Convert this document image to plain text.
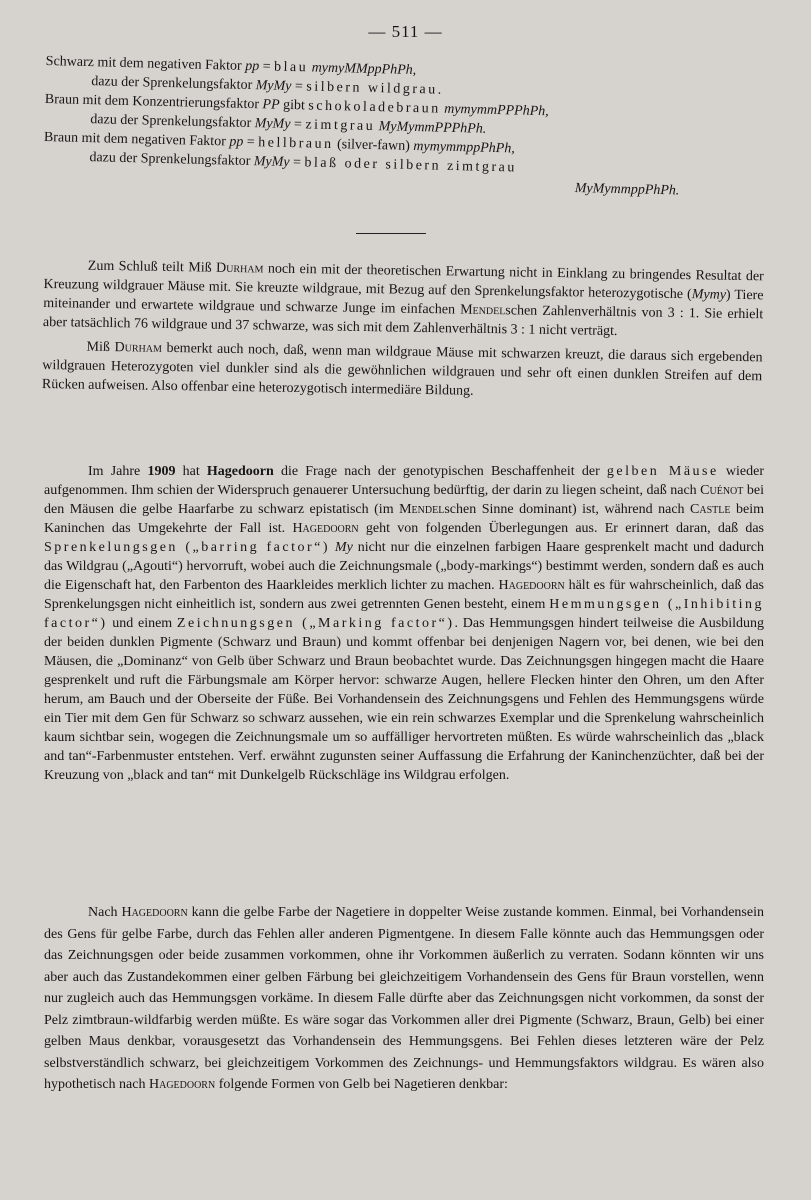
— 511 —
Schwarz mit dem negativen Faktor pp = blau mymyMMppPhPh,
dazu der Sprenkelungsfaktor MyMy = silbern wildgrau.
Braun mit dem Konzentrierungsfaktor PP gibt schokoladebraun mymymmPPPhPh,
dazu der Sprenkelungsfaktor MyMy = zimtgrau MyMymmPPPhPh.
Braun mit dem negativen Faktor pp = hellbraun (silver-fawn) mymymmppPhPh,
dazu der Sprenkelungsfaktor MyMy = blaß oder silbern zimtgrau
MyMymmppPhPh.

Zum Schluß teilt Miß Durham noch ein mit der theoretischen Erwartung nicht in Einklang zu bringendes Resultat der Kreuzung wildgrauer Mäuse mit. Sie kreuzte wildgraue, mit Bezug auf den Sprenkelungsfaktor heterozygotische (Mymy) Tiere miteinander und erwartete wildgraue und schwarze Junge im einfachen Mendelschen Zahlenverhältnis von 3 : 1. Sie erhielt aber tatsächlich 76 wildgraue und 37 schwarze, was sich mit dem Zahlenverhältnis 3 : 1 nicht verträgt.

Miß Durham bemerkt auch noch, daß, wenn man wildgraue Mäuse mit schwarzen kreuzt, die daraus sich ergebenden wildgrauen Heterozygoten viel dunkler sind als die gewöhnlichen wildgrauen und sehr oft einen dunklen Streifen auf dem Rücken aufweisen. Also offenbar eine heterozygotisch intermediäre Bildung.

Im Jahre 1909 hat Hagedoorn die Frage nach der genotypischen Beschaffenheit der gelben Mäuse wieder aufgenommen. Ihm schien der Widerspruch genauerer Untersuchung bedürftig, der darin zu liegen scheint, daß nach Cuénot bei den Mäusen die gelbe Haarfarbe zu schwarz epistatisch (im Mendelschen Sinne dominant) ist, während nach Castle beim Kaninchen das Umgekehrte der Fall ist. Hagedoorn geht von folgenden Überlegungen aus. Er erinnert daran, daß das Sprenkelungsgen („barring factor“) My nicht nur die einzelnen farbigen Haare gesprenkelt macht und dadurch das Wildgrau („Agouti“) hervorruft, wobei auch die Zeichnungsmale („body-markings“) bestimmt werden, sondern daß es auch die Eigenschaft hat, den Farbenton des Haarkleides merklich lichter zu machen. Hagedoorn hält es für wahrscheinlich, daß das Sprenkelungsgen nicht einheitlich ist, sondern aus zwei getrennten Genen besteht, einem Hemmungsgen („Inhibiting factor“) und einem Zeichnungsgen („Marking factor“). Das Hemmungsgen hindert teilweise die Ausbildung der beiden dunklen Pigmente (Schwarz und Braun) und kommt offenbar bei denjenigen Nagern vor, bei denen, wie bei den Mäusen, die „Dominanz“ von Gelb über Schwarz und Braun beobachtet wurde. Das Zeichnungsgen hingegen macht die Haare gesprenkelt und ruft die Färbungsmale am Körper hervor: schwarze Augen, hellere Flecken hinter den Ohren, um den After herum, am Bauch und der Oberseite der Füße. Bei Vorhandensein des Zeichnungsgens und Fehlen des Hemmungsgens würde ein Tier mit dem Gen für Schwarz so schwarz aussehen, wie ein rein schwarzes Exemplar und die Sprenkelung wahrscheinlich kaum sichtbar sein, wogegen die Zeichnungsmale um so auffälliger hervortreten müßten. Es würde wahrscheinlich das „black and tan“-Farbenmuster entstehen. Verf. erwähnt zugunsten seiner Auffassung die Erfahrung der Kaninchenzüchter, daß bei der Kreuzung von „black and tan“ mit Dunkelgelb Rückschläge ins Wildgrau erfolgen.

Nach Hagedoorn kann die gelbe Farbe der Nagetiere in doppelter Weise zustande kommen. Einmal, bei Vorhandensein des Gens für gelbe Farbe, durch das Fehlen aller anderen Pigmentgene. In diesem Falle könnte auch das Hemmungsgen oder das Zeichnungsgen oder beide zusammen vorkommen, ohne ihr Vorkommen äußerlich zu verraten. Sodann könnten wir uns aber auch das Zustandekommen einer gelben Färbung bei gleichzeitigem Vorhandensein des Gens für Braun vorstellen, wenn nur zugleich auch das Hemmungsgen vorkäme. In diesem Falle dürfte aber das Zeichnungsgen nicht vorkommen, da sonst der Pelz zimtbraun-wildfarbig werden müßte. Es wäre sogar das Vorkommen aller drei Pigmente (Schwarz, Braun, Gelb) bei einer gelben Maus denkbar, vorausgesetzt das Vorhandensein des Hemmungsgens. Bei Fehlen dieses letzteren wäre der Pelz selbstverständlich schwarz, bei gleichzeitigem Vorkommen des Zeichnungs- und Hemmungsfaktors wildgrau. Es wären also hypothetisch nach Hagedoorn folgende Formen von Gelb bei Nagetieren denkbar:
